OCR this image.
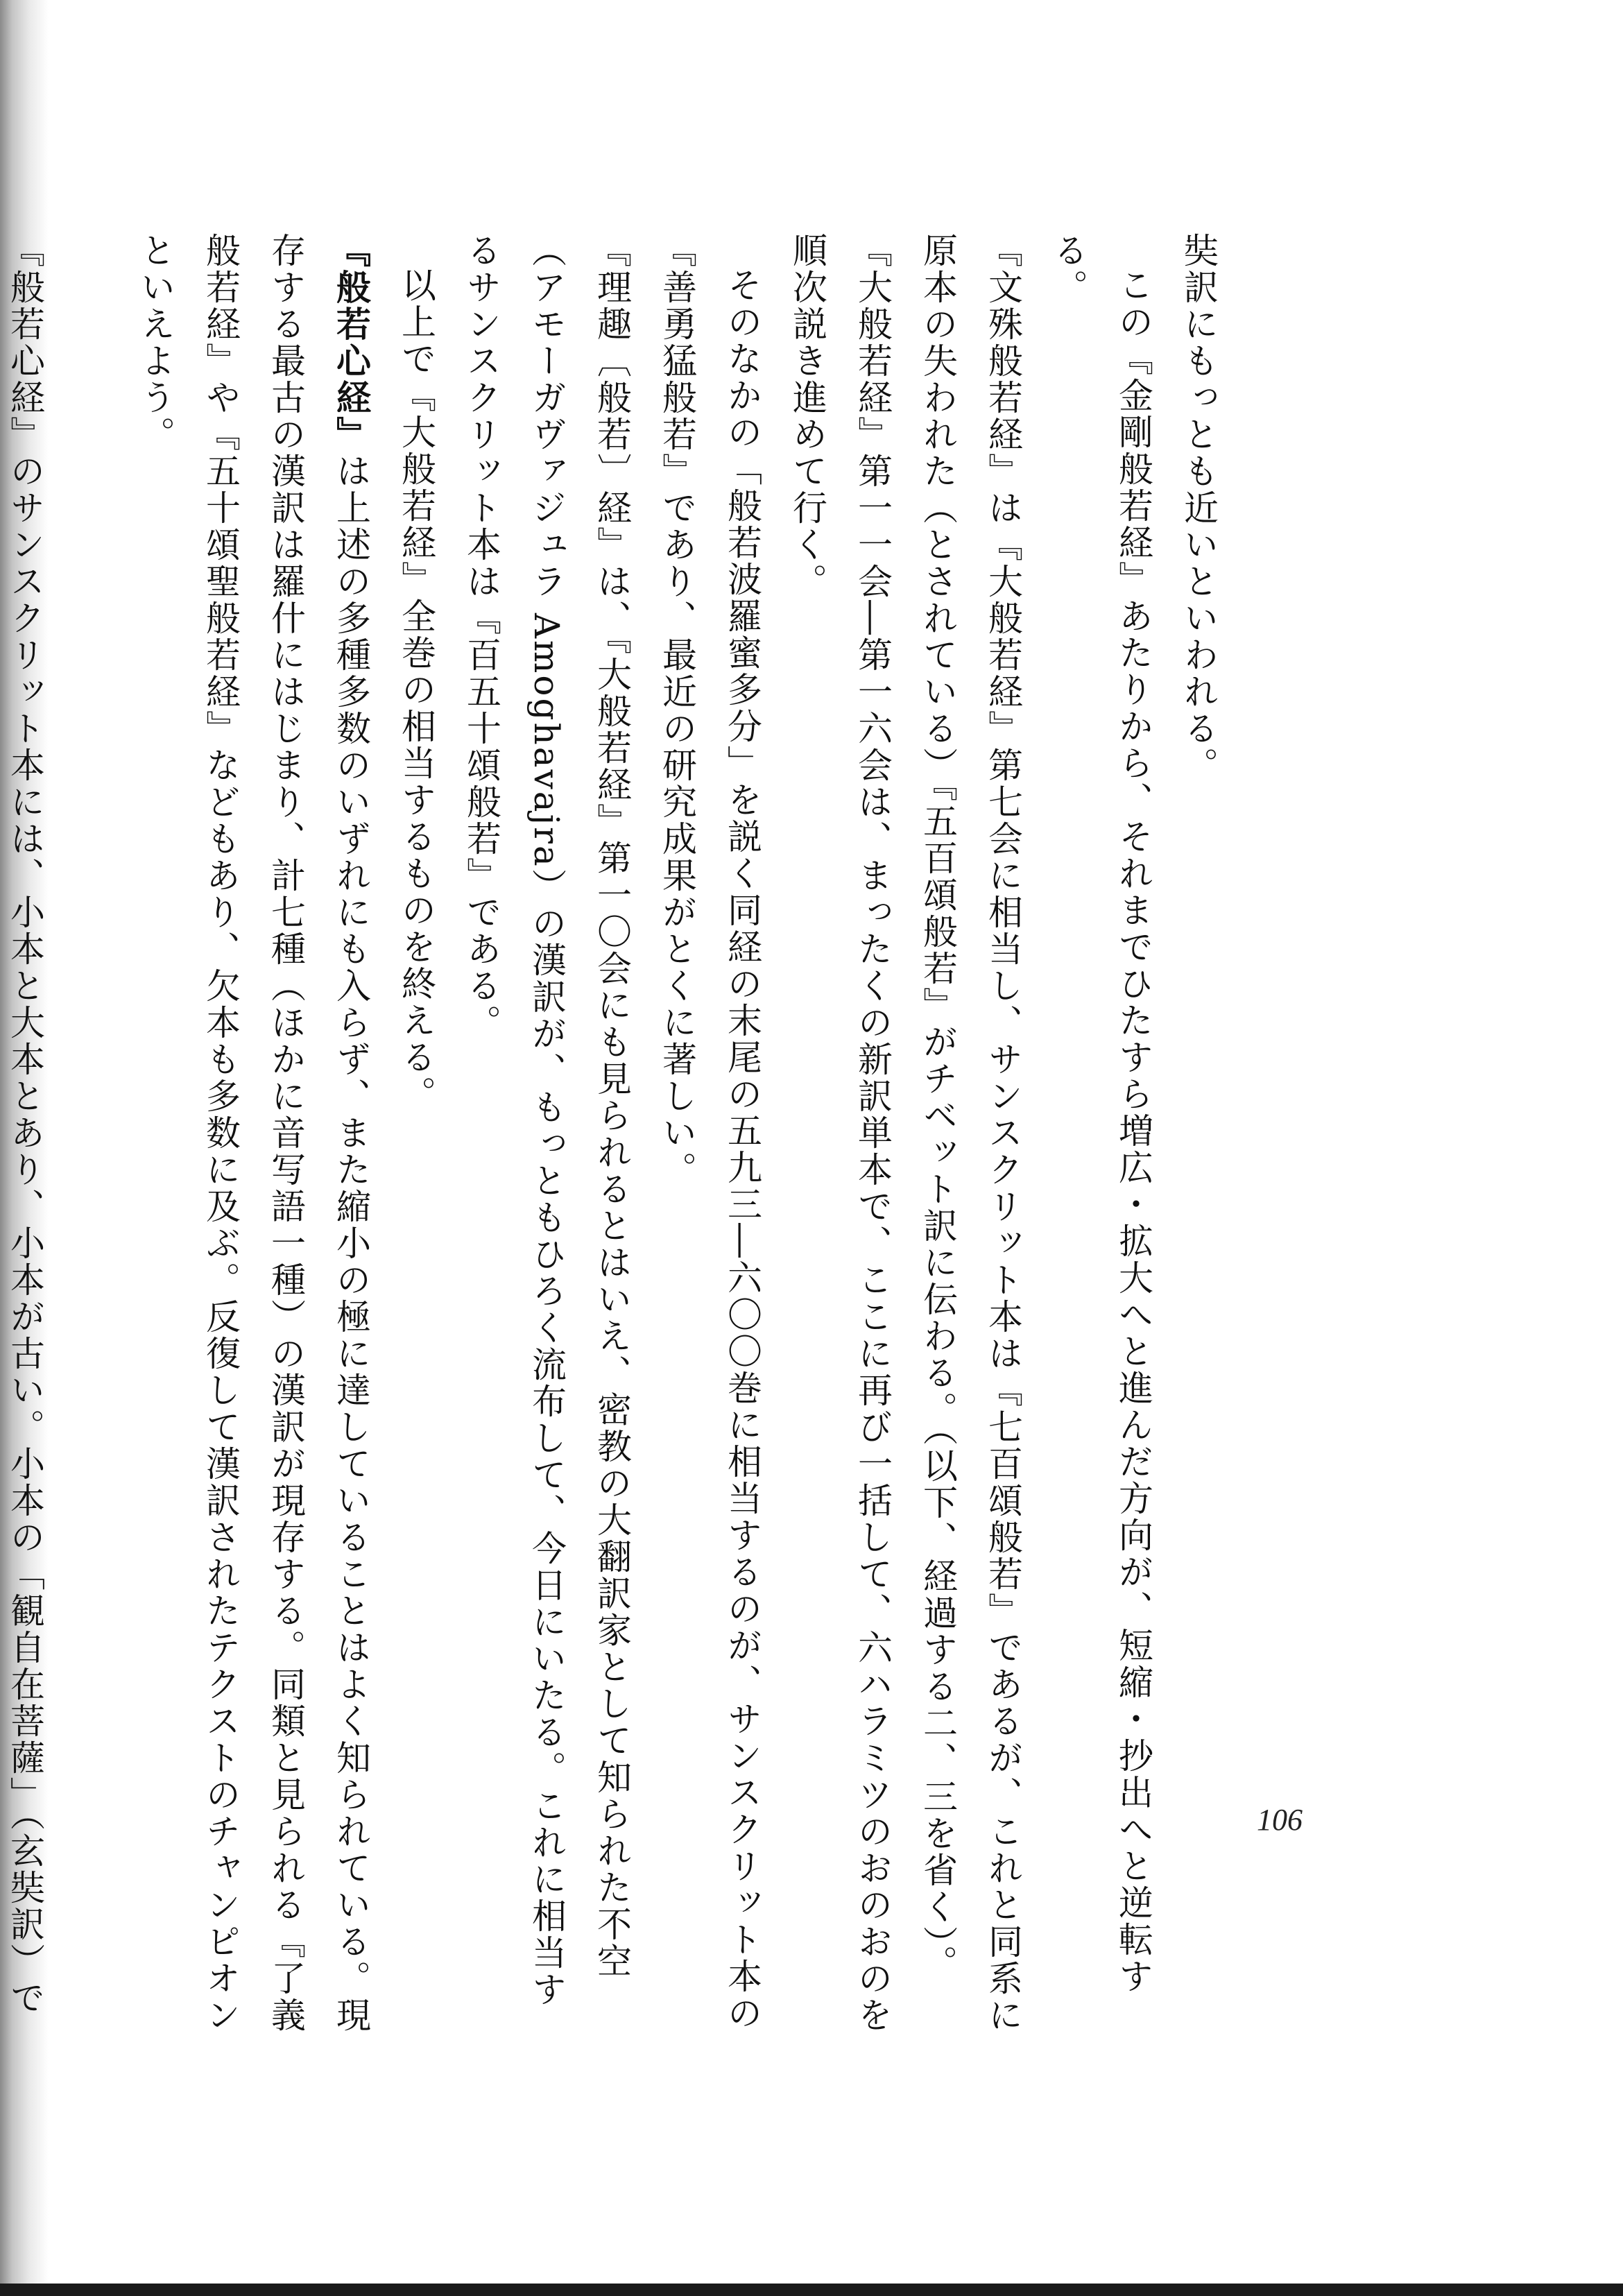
奘訳にもっとも近いといわれる。

この『金剛般若経』あたりから、それまでひたすら増広・拡大へと進んだ方向が、短縮・抄出へと逆転する。

『文殊般若経』は『大般若経』第七会に相当し、サンスクリット本は『七百頌般若』であるが、これと同系に原本の失われた（とされている）『五百頌般若』がチベット訳に伝わる。（以下、経過する二、三を省く）。

『大般若経』第一一会―第一六会は、まったくの新訳単本で、ここに再び一括して、六ハラミツのおのおのを順次説き進めて行く。

そのなかの「般若波羅蜜多分」を説く同経の末尾の五九三―六〇〇巻に相当するのが、サンスクリット本の『善勇猛般若』であり、最近の研究成果がとくに著しい。

『理趣〔般若〕経』は、『大般若経』第一〇会にも見られるとはいえ、密教の大翻訳家として知られた不空（アモーガヴァジュラ Amoghavajra）の漢訳が、もっともひろく流布して、今日にいたる。これに相当するサンスクリット本は『百五十頌般若』である。

以上で『大般若経』全巻の相当するものを終える。

『般若心経』は上述の多種多数のいずれにも入らず、また縮小の極に達していることはよく知られている。現存する最古の漢訳は羅什にはじまり、計七種（ほかに音写語一種）の漢訳が現存する。同類と見られる『了義般若経』や『五十頌聖般若経』などもあり、欠本も多数に及ぶ。反復して漢訳されたテクストのチャンピオンといえよう。

『般若心経』のサンスクリット本には、小本と大本とあり、小本が古い。小本の「観自在菩薩」（玄奘訳）で

106
